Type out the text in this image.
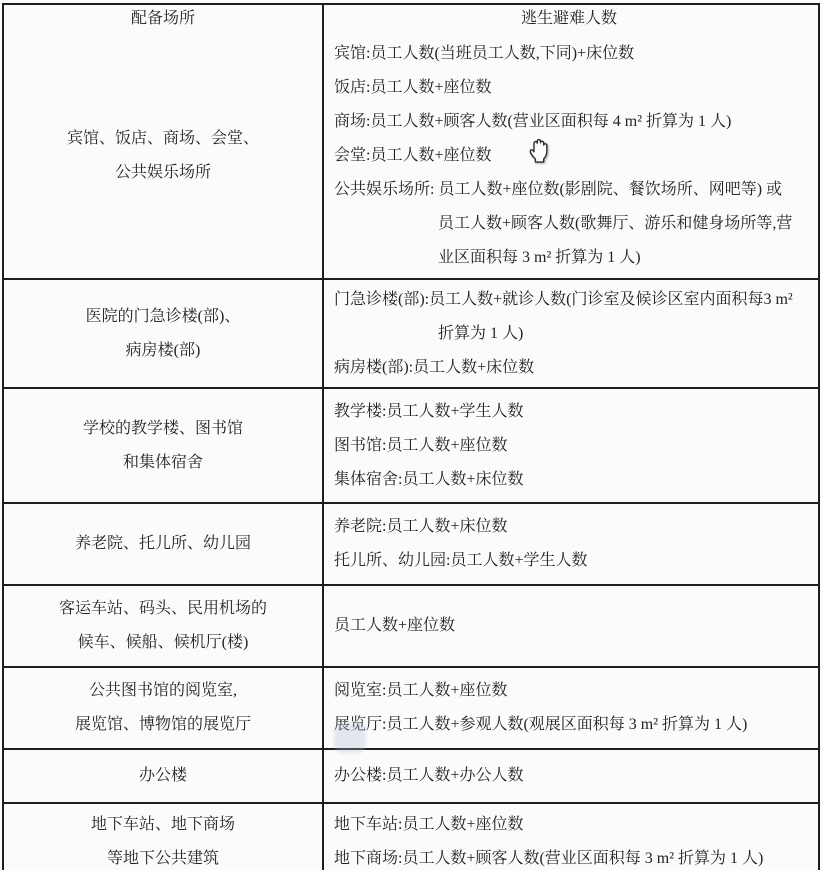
配备场所	逃生避难人数
宾馆、饭店、商场、会堂、
公共娱乐场所
宾馆:员工人数(当班员工人数,下同)+床位数
饭店:员工人数+座位数
商场:员工人数+顾客人数(营业区面积每 4 m² 折算为 1 人)
会堂:员工人数+座位数
公共娱乐场所: 员工人数+座位数(影剧院、餐饮场所、网吧等) 或
员工人数+顾客人数(歌舞厅、游乐和健身场所等,营
业区面积每 3 m² 折算为 1 人)
医院的门急诊楼(部)、
病房楼(部)
门急诊楼(部):员工人数+就诊人数(门诊室及候诊区室内面积每3 m²
折算为 1 人)
病房楼(部):员工人数+床位数
学校的教学楼、图书馆
和集体宿舍
教学楼:员工人数+学生人数
图书馆:员工人数+座位数
集体宿舍:员工人数+床位数
养老院、托儿所、幼儿园
养老院:员工人数+床位数
托儿所、幼儿园:员工人数+学生人数
客运车站、码头、民用机场的
候车、候船、候机厅(楼)
员工人数+座位数
公共图书馆的阅览室,
展览馆、博物馆的展览厅
阅览室:员工人数+座位数
展览厅:员工人数+参观人数(观展区面积每 3 m² 折算为 1 人)
办公楼	办公楼:员工人数+办公人数
地下车站、地下商场
等地下公共建筑
地下车站:员工人数+座位数
地下商场:员工人数+顾客人数(营业区面积每 3 m² 折算为 1 人)
